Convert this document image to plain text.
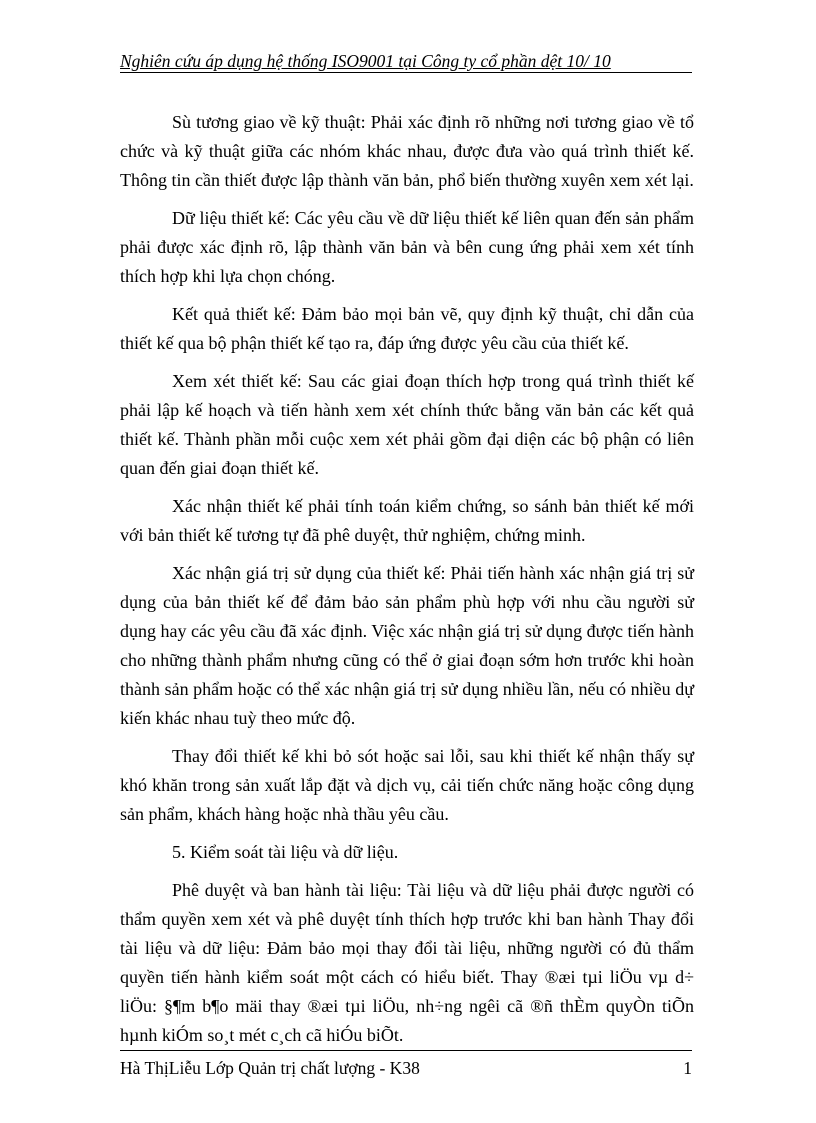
Nghiên cứu áp dụng hệ thống ISO9001 tại Công ty cổ phần dệt 10/ 10

Sù tương giao về kỹ thuật: Phải xác định rõ những nơi tương giao về tổ chức và kỹ thuật giữa các nhóm khác nhau, được đưa vào quá trình thiết kế. Thông tin cần thiết được lập thành văn bản, phổ biến thường xuyên xem xét lại.

Dữ liệu thiết kế: Các yêu cầu về dữ liệu thiết kế liên quan đến sản phẩm phải được xác định rõ, lập thành văn bản và bên cung ứng phải xem xét tính thích hợp khi lựa chọn chóng.

Kết quả thiết kế: Đảm bảo mọi bản vẽ, quy định kỹ thuật, chỉ dẫn của thiết kế qua bộ phận thiết kế tạo ra, đáp ứng được yêu cầu của thiết kế.

Xem xét thiết kế: Sau các giai đoạn thích hợp trong quá trình thiết kế phải lập kế hoạch và tiến hành xem xét chính thức bằng văn bản các kết quả thiết kế. Thành phần mỗi cuộc xem xét phải gồm đại diện các bộ phận có liên quan đến giai đoạn thiết kế.

Xác nhận thiết kế phải tính toán kiểm chứng, so sánh bản thiết kế mới với bản thiết kế tương tự đã phê duyệt, thử nghiệm, chứng minh.

Xác nhận giá trị sử dụng của thiết kế: Phải tiến hành xác nhận giá trị sử dụng của bản thiết kế để đảm bảo sản phẩm phù hợp với nhu cầu người sử dụng hay các yêu cầu đã xác định. Việc xác nhận giá trị sử dụng được tiến hành cho những thành phẩm nhưng cũng có thể ở giai đoạn sớm hơn trước khi hoàn thành sản phẩm hoặc có thể xác nhận giá trị sử dụng nhiều lần, nếu có nhiều dự kiến khác nhau tuỳ theo mức độ.

Thay đổi thiết kế khi bỏ sót hoặc sai lỗi, sau khi thiết kế nhận thấy sự khó khăn trong sản xuất lắp đặt và dịch vụ, cải tiến chức năng hoặc công dụng sản phẩm, khách hàng hoặc nhà thầu yêu cầu.

5. Kiểm soát tài liệu và dữ liệu.

Phê duyệt và ban hành tài liệu: Tài liệu và dữ liệu phải được người có thẩm quyền xem xét và phê duyệt tính thích hợp trước khi ban hành Thay đổi tài liệu và dữ liệu: Đảm bảo mọi thay đổi tài liệu, những người có đủ thẩm quyền tiến hành kiểm soát một cách có hiểu biết. Thay ®æi tµi liÖu vµ d÷ liÖu: §¶m b¶o mäi thay ®æi tµi liÖu, nh÷ng ngêi cã ®ñ thÈm quyÒn tiÕn hµnh kiÓm so¸t mét c¸ch cã hiÓu biÕt.

Hà ThịLiễu Lớp Quản trị chất lượng - K38	1
